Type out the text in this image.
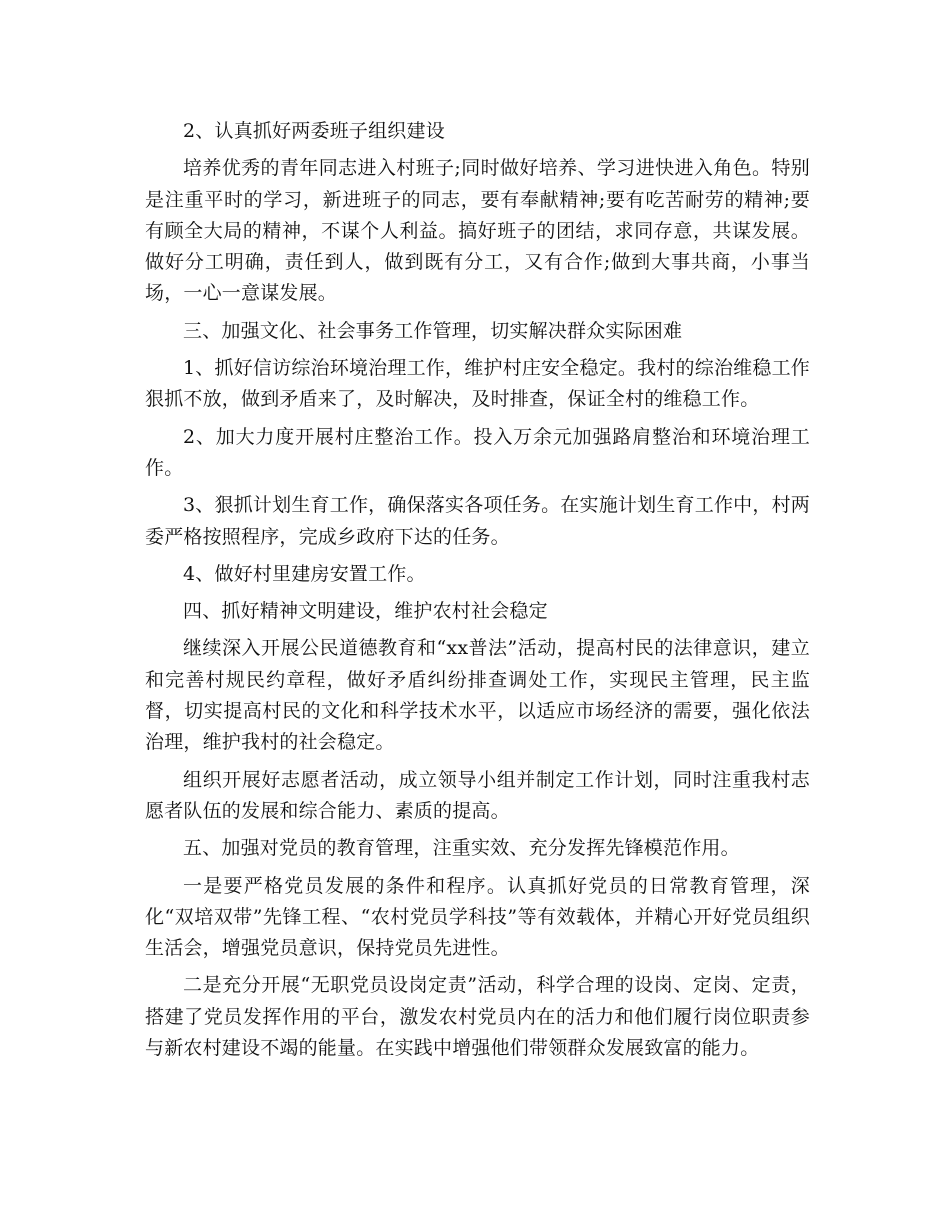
2、认真抓好两委班子组织建设

培养优秀的青年同志进入村班子;同时做好培养、学习进快进入角色。特别是注重平时的学习，新进班子的同志，要有奉献精神;要有吃苦耐劳的精神;要有顾全大局的精神，不谋个人利益。搞好班子的团结，求同存意，共谋发展。做好分工明确，责任到人，做到既有分工，又有合作;做到大事共商，小事当场，一心一意谋发展。

三、加强文化、社会事务工作管理，切实解决群众实际困难

1、抓好信访综治环境治理工作，维护村庄安全稳定。我村的综治维稳工作狠抓不放，做到矛盾来了，及时解决，及时排查，保证全村的维稳工作。

2、加大力度开展村庄整治工作。投入万余元加强路肩整治和环境治理工作。

3、狠抓计划生育工作，确保落实各项任务。在实施计划生育工作中，村两委严格按照程序，完成乡政府下达的任务。

4、做好村里建房安置工作。

四、抓好精神文明建设，维护农村社会稳定

继续深入开展公民道德教育和“xx普法”活动，提高村民的法律意识，建立和完善村规民约章程，做好矛盾纠纷排查调处工作，实现民主管理，民主监督，切实提高村民的文化和科学技术水平，以适应市场经济的需要，强化依法治理，维护我村的社会稳定。

组织开展好志愿者活动，成立领导小组并制定工作计划，同时注重我村志愿者队伍的发展和综合能力、素质的提高。

五、加强对党员的教育管理，注重实效、充分发挥先锋模范作用。

一是要严格党员发展的条件和程序。认真抓好党员的日常教育管理，深化“双培双带”先锋工程、“农村党员学科技”等有效载体，并精心开好党员组织生活会，增强党员意识，保持党员先进性。

二是充分开展“无职党员设岗定责”活动，科学合理的设岗、定岗、定责，搭建了党员发挥作用的平台，激发农村党员内在的活力和他们履行岗位职责参与新农村建设不竭的能量。在实践中增强他们带领群众发展致富的能力。
